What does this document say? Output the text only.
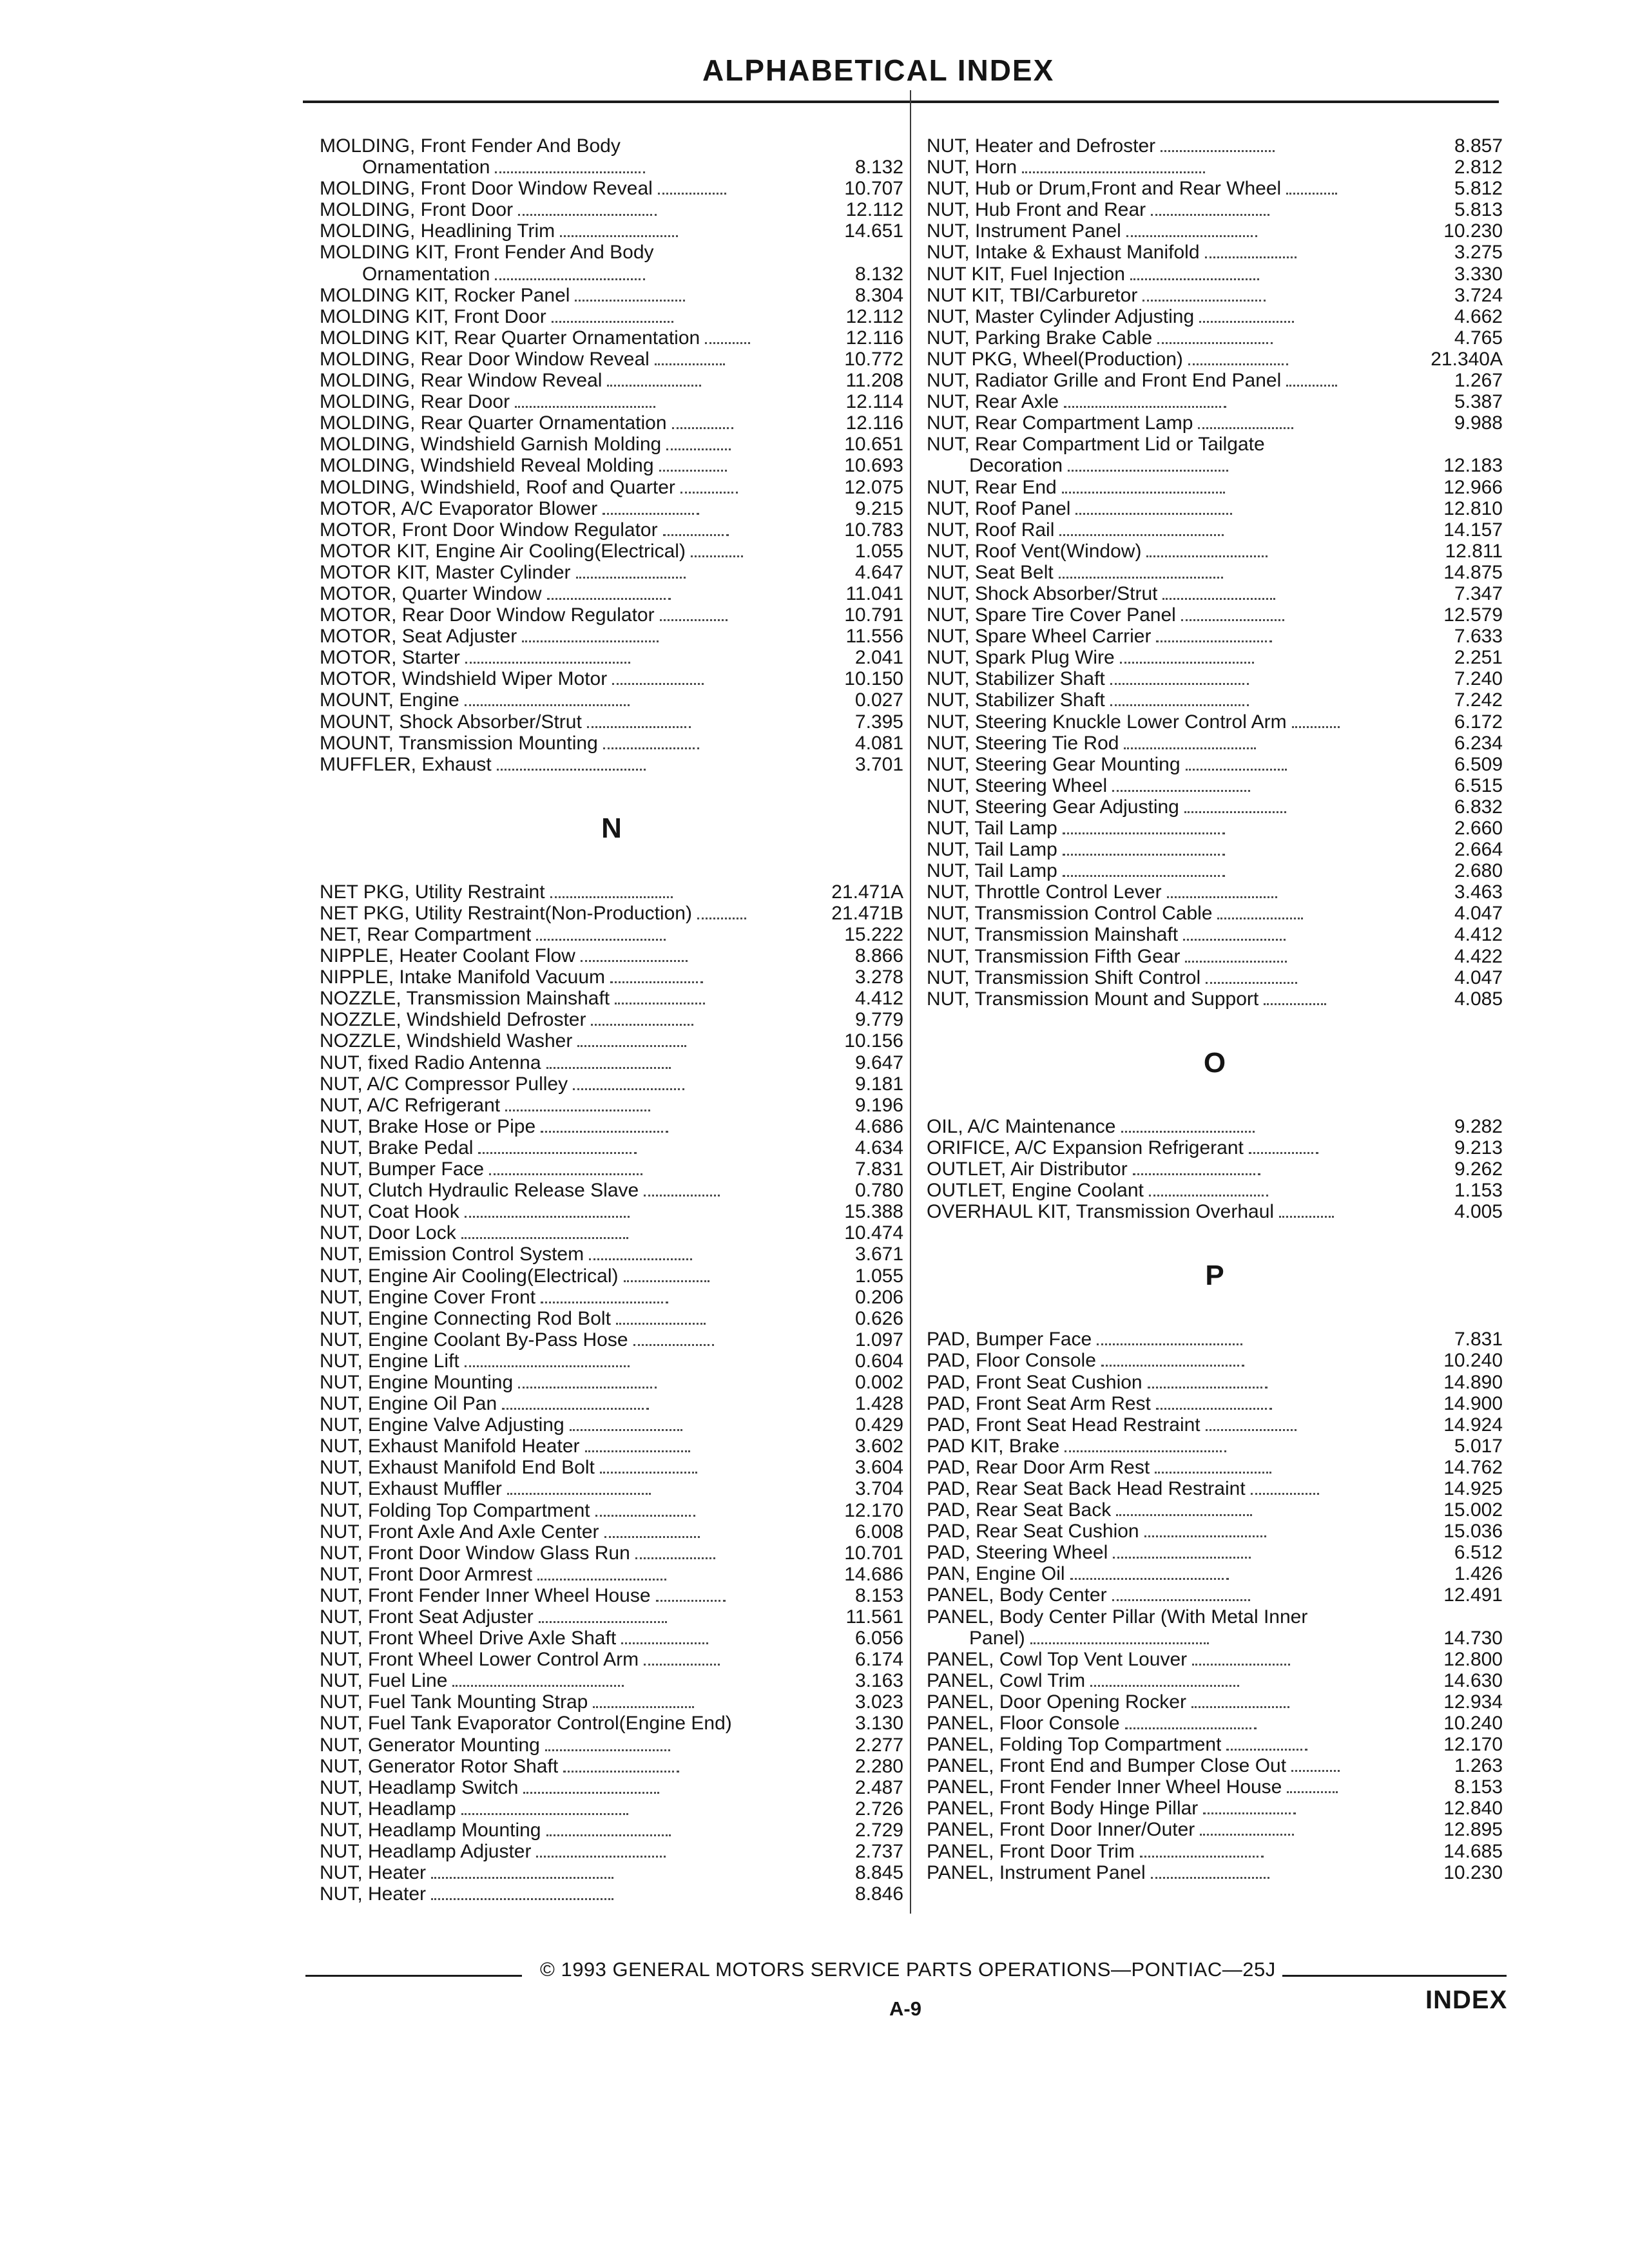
ALPHABETICAL INDEX
MOLDING, Front Fender And Body
Ornamentation	8.132
MOLDING, Front Door Window Reveal	10.707
MOLDING, Front Door	12.112
MOLDING, Headlining Trim	14.651
MOLDING KIT, Front Fender And Body
Ornamentation	8.132
MOLDING KIT, Rocker Panel	8.304
MOLDING KIT, Front Door	12.112
MOLDING KIT, Rear Quarter Ornamentation	12.116
MOLDING, Rear Door Window Reveal	10.772
MOLDING, Rear Window Reveal	11.208
MOLDING, Rear Door	12.114
MOLDING, Rear Quarter Ornamentation	12.116
MOLDING, Windshield Garnish Molding	10.651
MOLDING, Windshield Reveal Molding	10.693
MOLDING, Windshield, Roof and Quarter	12.075
MOTOR, A/C Evaporator Blower	9.215
MOTOR, Front Door Window Regulator	10.783
MOTOR KIT, Engine Air Cooling(Electrical)	1.055
MOTOR KIT, Master Cylinder	4.647
MOTOR, Quarter Window	11.041
MOTOR, Rear Door Window Regulator	10.791
MOTOR, Seat Adjuster	11.556
MOTOR, Starter	2.041
MOTOR, Windshield Wiper Motor	10.150
MOUNT, Engine	0.027
MOUNT, Shock Absorber/Strut	7.395
MOUNT, Transmission Mounting	4.081
MUFFLER, Exhaust	3.701
N
NET PKG, Utility Restraint	21.471A
NET PKG, Utility Restraint(Non-Production)	21.471B
NET, Rear Compartment	15.222
NIPPLE, Heater Coolant Flow	8.866
NIPPLE, Intake Manifold Vacuum	3.278
NOZZLE, Transmission Mainshaft	4.412
NOZZLE, Windshield Defroster	9.779
NOZZLE, Windshield Washer	10.156
NUT, fixed Radio Antenna	9.647
NUT, A/C Compressor Pulley	9.181
NUT, A/C Refrigerant	9.196
NUT, Brake Hose or Pipe	4.686
NUT, Brake Pedal	4.634
NUT, Bumper Face	7.831
NUT, Clutch Hydraulic Release Slave	0.780
NUT, Coat Hook	15.388
NUT, Door Lock	10.474
NUT, Emission Control System	3.671
NUT, Engine Air Cooling(Electrical)	1.055
NUT, Engine Cover Front	0.206
NUT, Engine Connecting Rod Bolt	0.626
NUT, Engine Coolant By-Pass Hose	1.097
NUT, Engine Lift	0.604
NUT, Engine Mounting	0.002
NUT, Engine Oil Pan	1.428
NUT, Engine Valve Adjusting	0.429
NUT, Exhaust Manifold Heater	3.602
NUT, Exhaust Manifold End Bolt	3.604
NUT, Exhaust Muffler	3.704
NUT, Folding Top Compartment	12.170
NUT, Front Axle And Axle Center	6.008
NUT, Front Door Window Glass Run	10.701
NUT, Front Door Armrest	14.686
NUT, Front Fender Inner Wheel House	8.153
NUT, Front Seat Adjuster	11.561
NUT, Front Wheel Drive Axle Shaft	6.056
NUT, Front Wheel Lower Control Arm	6.174
NUT, Fuel Line	3.163
NUT, Fuel Tank Mounting Strap	3.023
NUT, Fuel Tank Evaporator Control(Engine End)	3.130
NUT, Generator Mounting	2.277
NUT, Generator Rotor Shaft	2.280
NUT, Headlamp Switch	2.487
NUT, Headlamp	2.726
NUT, Headlamp Mounting	2.729
NUT, Headlamp Adjuster	2.737
NUT, Heater	8.845
NUT, Heater	8.846
NUT, Heater and Defroster	8.857
NUT, Horn	2.812
NUT, Hub or Drum,Front and Rear Wheel	5.812
NUT, Hub Front and Rear	5.813
NUT, Instrument Panel	10.230
NUT, Intake & Exhaust Manifold	3.275
NUT KIT, Fuel Injection	3.330
NUT KIT, TBI/Carburetor	3.724
NUT, Master Cylinder Adjusting	4.662
NUT, Parking Brake Cable	4.765
NUT PKG, Wheel(Production)	21.340A
NUT, Radiator Grille and Front End Panel	1.267
NUT, Rear Axle	5.387
NUT, Rear Compartment Lamp	9.988
NUT, Rear Compartment Lid or Tailgate
Decoration	12.183
NUT, Rear End	12.966
NUT, Roof Panel	12.810
NUT, Roof Rail	14.157
NUT, Roof Vent(Window)	12.811
NUT, Seat Belt	14.875
NUT, Shock Absorber/Strut	7.347
NUT, Spare Tire Cover Panel	12.579
NUT, Spare Wheel Carrier	7.633
NUT, Spark Plug Wire	2.251
NUT, Stabilizer Shaft	7.240
NUT, Stabilizer Shaft	7.242
NUT, Steering Knuckle Lower Control Arm	6.172
NUT, Steering Tie Rod	6.234
NUT, Steering Gear Mounting	6.509
NUT, Steering Wheel	6.515
NUT, Steering Gear Adjusting	6.832
NUT, Tail Lamp	2.660
NUT, Tail Lamp	2.664
NUT, Tail Lamp	2.680
NUT, Throttle Control Lever	3.463
NUT, Transmission Control Cable	4.047
NUT, Transmission Mainshaft	4.412
NUT, Transmission Fifth Gear	4.422
NUT, Transmission Shift Control	4.047
NUT, Transmission Mount and Support	4.085
O
OIL, A/C Maintenance	9.282
ORIFICE, A/C Expansion Refrigerant	9.213
OUTLET, Air Distributor	9.262
OUTLET, Engine Coolant	1.153
OVERHAUL KIT, Transmission Overhaul	4.005
P
PAD, Bumper Face	7.831
PAD, Floor Console	10.240
PAD, Front Seat Cushion	14.890
PAD, Front Seat Arm Rest	14.900
PAD, Front Seat Head Restraint	14.924
PAD KIT, Brake	5.017
PAD, Rear Door Arm Rest	14.762
PAD, Rear Seat Back Head Restraint	14.925
PAD, Rear Seat Back	15.002
PAD, Rear Seat Cushion	15.036
PAD, Steering Wheel	6.512
PAN, Engine Oil	1.426
PANEL, Body Center	12.491
PANEL, Body Center Pillar (With Metal Inner
Panel)	14.730
PANEL, Cowl Top Vent Louver	12.800
PANEL, Cowl Trim	14.630
PANEL, Door Opening Rocker	12.934
PANEL, Floor Console	10.240
PANEL, Folding Top Compartment	12.170
PANEL, Front End and Bumper Close Out	1.263
PANEL, Front Fender Inner Wheel House	8.153
PANEL, Front Body Hinge Pillar	12.840
PANEL, Front Door Inner/Outer	12.895
PANEL, Front Door Trim	14.685
PANEL, Instrument Panel	10.230
© 1993 GENERAL MOTORS SERVICE PARTS OPERATIONS—PONTIAC—25J
A-9	INDEX
